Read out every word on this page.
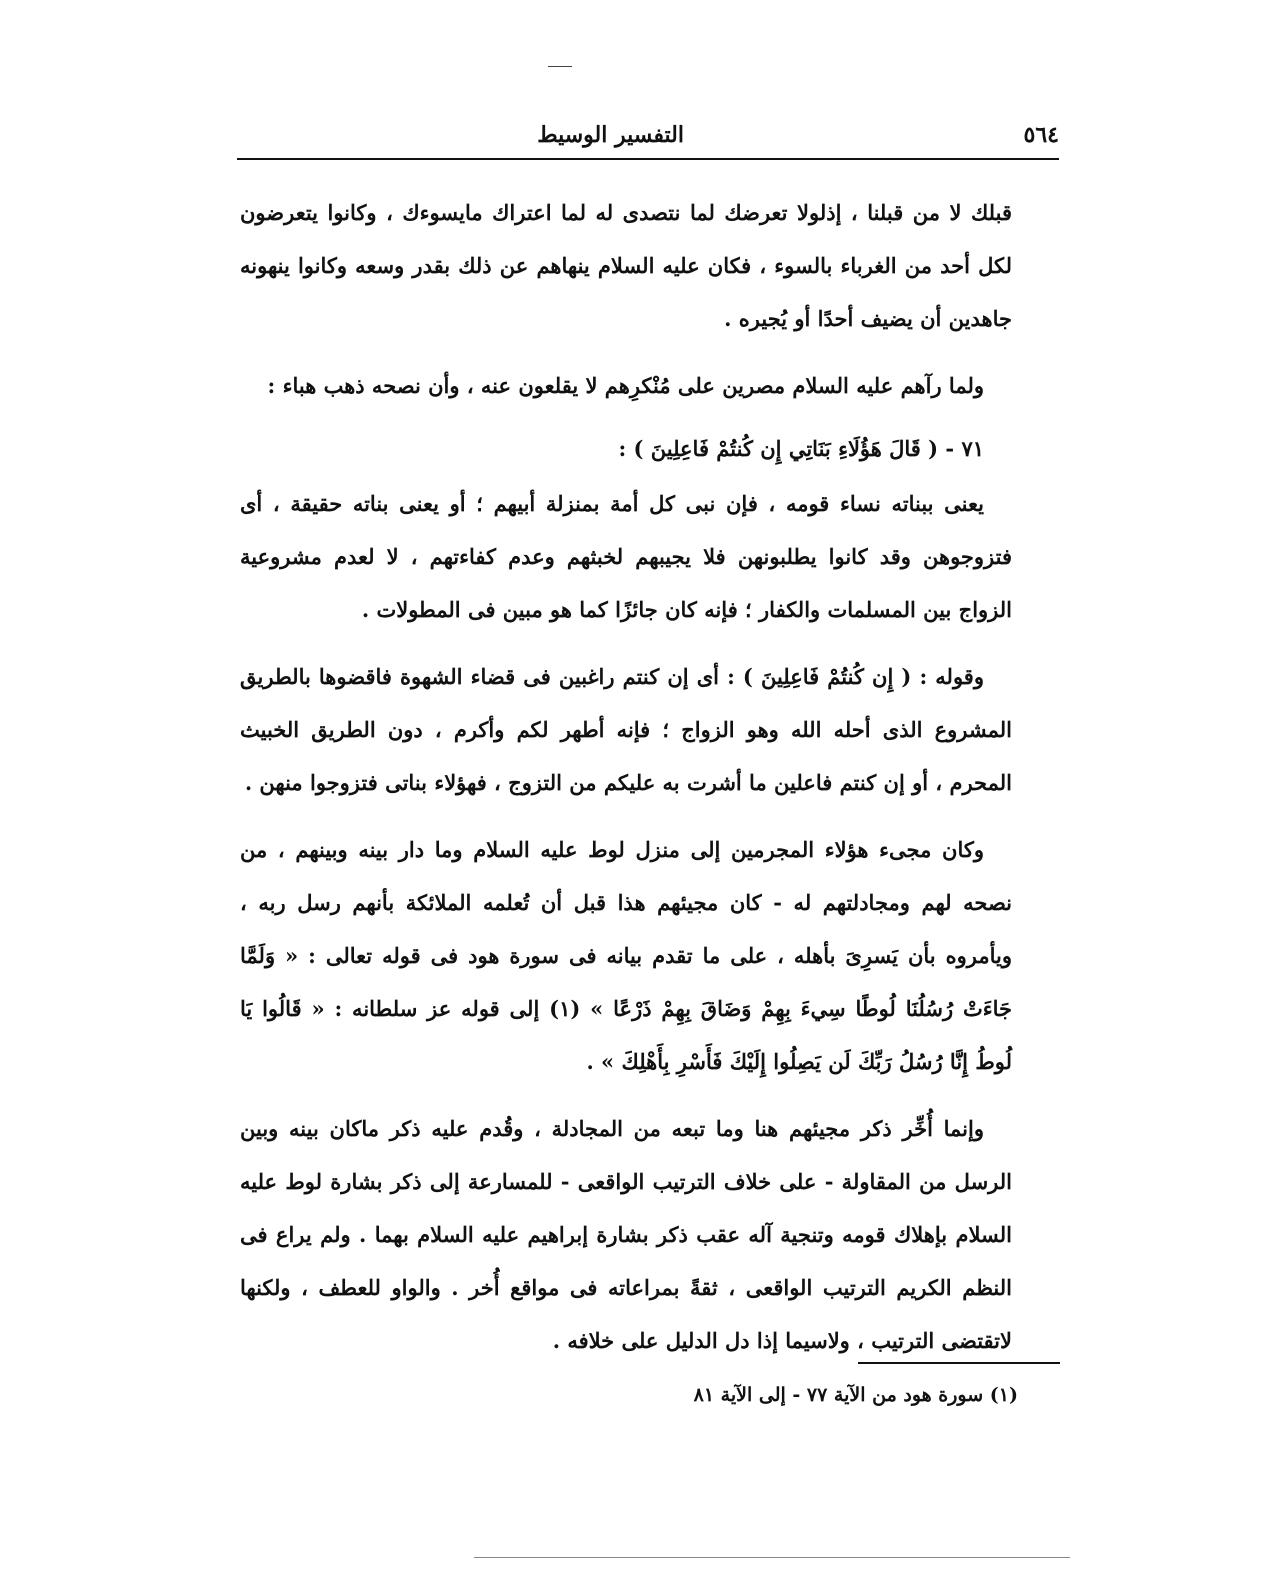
٥٦٤
التفسير الوسيط

قبلك لا من قبلنا ، إذلولا تعرضك لما نتصدى له لما اعتراك مايسوءك ، وكانوا يتعرضون لكل أحد من الغرباء بالسوء ، فكان عليه السلام ينهاهم عن ذلك بقدر وسعه وكانوا ينهونه جاهدين أن يضيف أحدًا أو يُجيره .

ولما رآهم عليه السلام مصرين على مُنْكرِهم لا يقلعون عنه ، وأن نصحه ذهب هباء :

٧١ - ( قَالَ هَؤُلَاءِ بَنَاتِي إِن كُنتُمْ فَاعِلِينَ ) :

يعنى ببناته نساء قومه ، فإن نبى كل أمة بمنزلة أبيهم ؛ أو يعنى بناته حقيقة ، أى فتزوجوهن وقد كانوا يطلبونهن فلا يجيبهم لخبثهم وعدم كفاءتهم ، لا لعدم مشروعية الزواج بين المسلمات والكفار ؛ فإنه كان جائزًا كما هو مبين فى المطولات .

وقوله : ( إِن كُنتُمْ فَاعِلِينَ ) : أى إن كنتم راغبين فى قضاء الشهوة فاقضوها بالطريق المشروع الذى أحله الله وهو الزواج ؛ فإنه أطهر لكم وأكرم ، دون الطريق الخبيث المحرم ، أو إن كنتم فاعلين ما أشرت به عليكم من التزوج ، فهؤلاء بناتى فتزوجوا منهن .

وكان مجىء هؤلاء المجرمين إلى منزل لوط عليه السلام وما دار بينه وبينهم ، من نصحه لهم ومجادلتهم له - كان مجيئهم هذا قبل أن تُعلمه الملائكة بأنهم رسل ربه ، ويأمروه بأن يَسرِىَ بأهله ، على ما تقدم بيانه فى سورة هود فى قوله تعالى : « وَلَمَّا جَاءَتْ رُسُلُنَا لُوطًا سِيءَ بِهِمْ وَضَاقَ بِهِمْ ذَرْعًا » (١) إلى قوله عز سلطانه : « قَالُوا يَا لُوطُ إِنَّا رُسُلُ رَبِّكَ لَن يَصِلُوا إِلَيْكَ فَأَسْرِ بِأَهْلِكَ » .

وإنما أُخِّر ذكر مجيئهم هنا وما تبعه من المجادلة ، وقُدم عليه ذكر ماكان بينه وبين الرسل من المقاولة - على خلاف الترتيب الواقعى - للمسارعة إلى ذكر بشارة لوط عليه السلام بإهلاك قومه وتنجية آله عقب ذكر بشارة إبراهيم عليه السلام بهما . ولم يراع فى النظم الكريم الترتيب الواقعى ، ثقةً بمراعاته فى مواقع أُخر . والواو للعطف ، ولكنها لاتقتضى الترتيب ، ولاسيما إذا دل الدليل على خلافه .

(١) سورة هود من الآية ٧٧ - إلى الآية ٨١
